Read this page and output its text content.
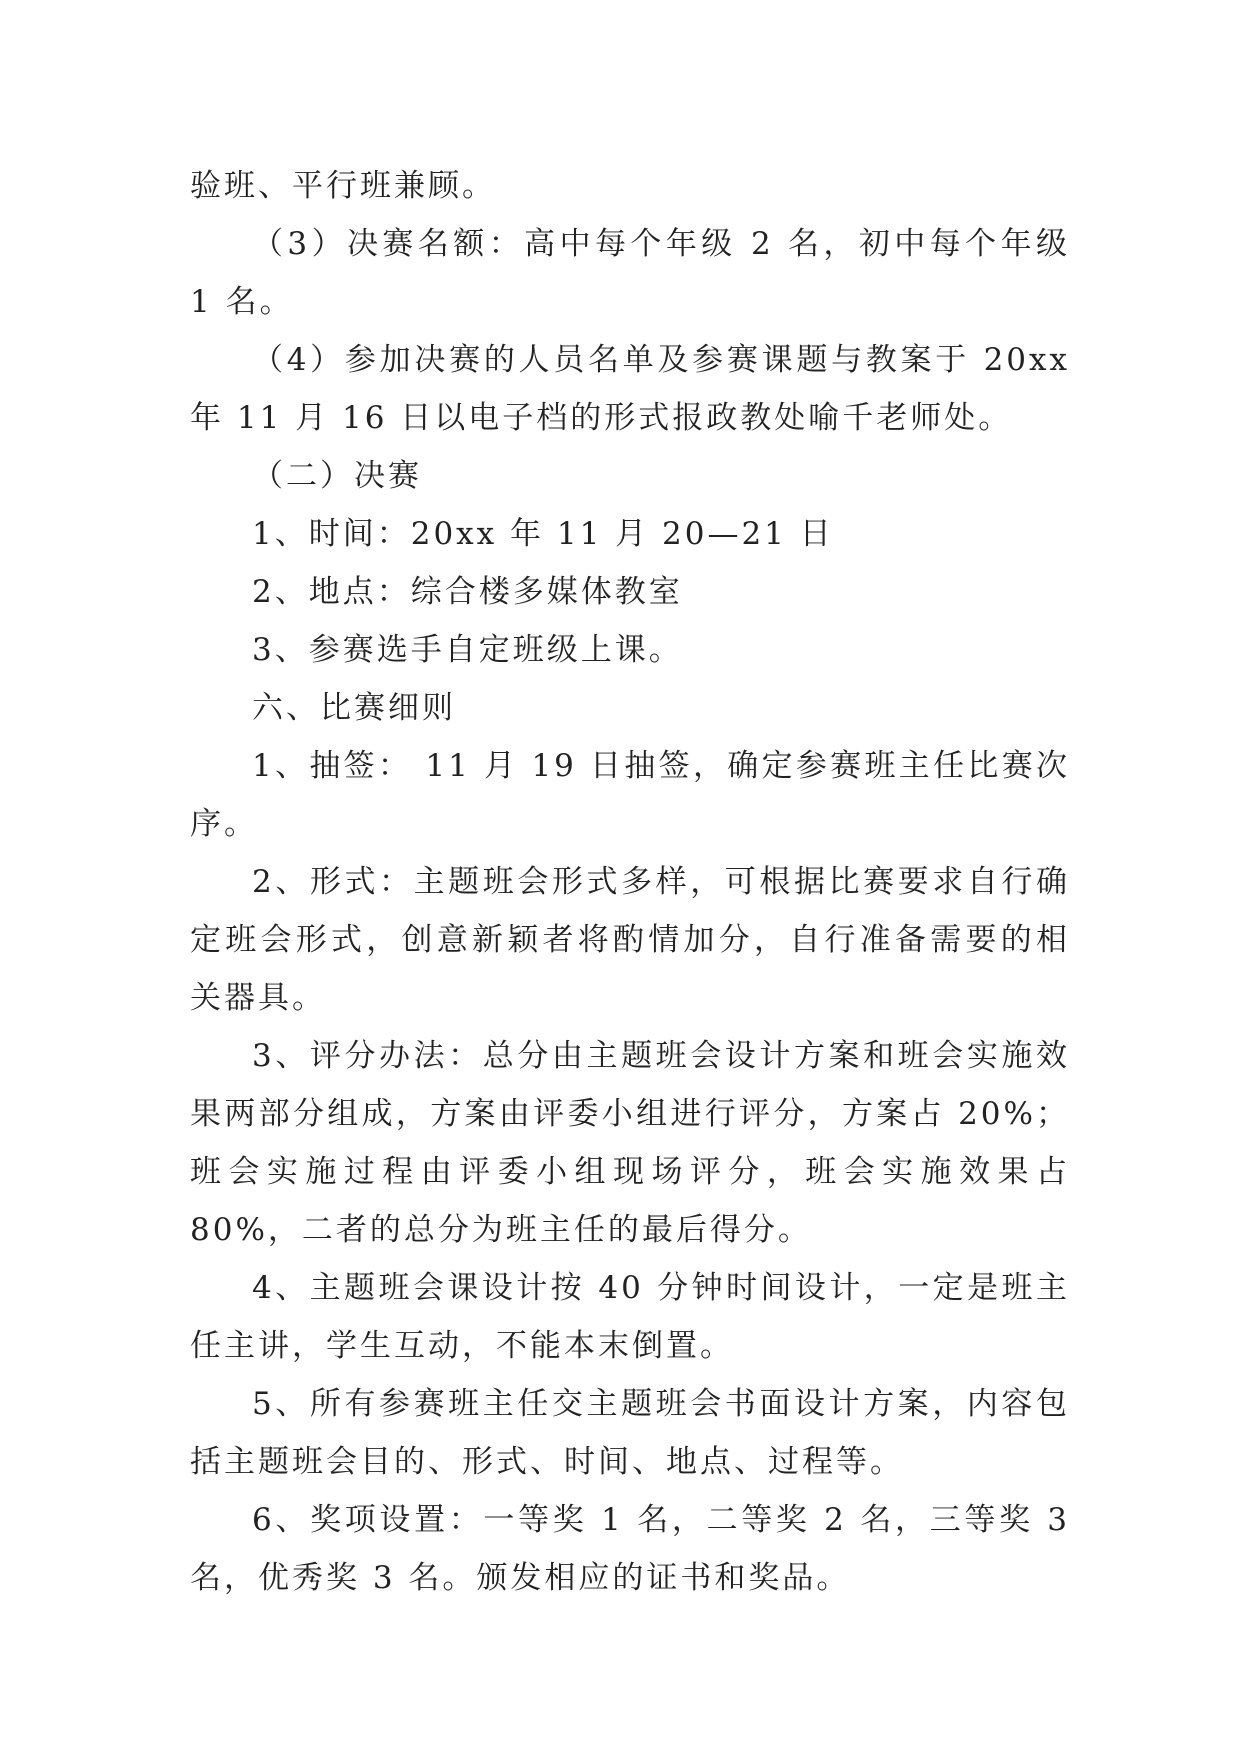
验班、平行班兼顾。

（3）决赛名额：高中每个年级 2 名，初中每个年级 1 名。

（4）参加决赛的人员名单及参赛课题与教案于 20xx 年 11 月 16 日以电子档的形式报政教处喻千老师处。

（二）决赛

1、时间：20xx 年 11 月 20—21 日

2、地点：综合楼多媒体教室

3、参赛选手自定班级上课。

六、比赛细则

1、抽签： 11 月 19 日抽签，确定参赛班主任比赛次序。

2、形式：主题班会形式多样，可根据比赛要求自行确定班会形式，创意新颖者将酌情加分，自行准备需要的相关器具。

3、评分办法：总分由主题班会设计方案和班会实施效果两部分组成，方案由评委小组进行评分，方案占 20%；班会实施过程由评委小组现场评分，班会实施效果占 80%，二者的总分为班主任的最后得分。

4、主题班会课设计按 40 分钟时间设计，一定是班主任主讲，学生互动，不能本末倒置。

5、所有参赛班主任交主题班会书面设计方案，内容包括主题班会目的、形式、时间、地点、过程等。

6、奖项设置：一等奖 1 名，二等奖 2 名，三等奖 3 名，优秀奖 3 名。颁发相应的证书和奖品。
